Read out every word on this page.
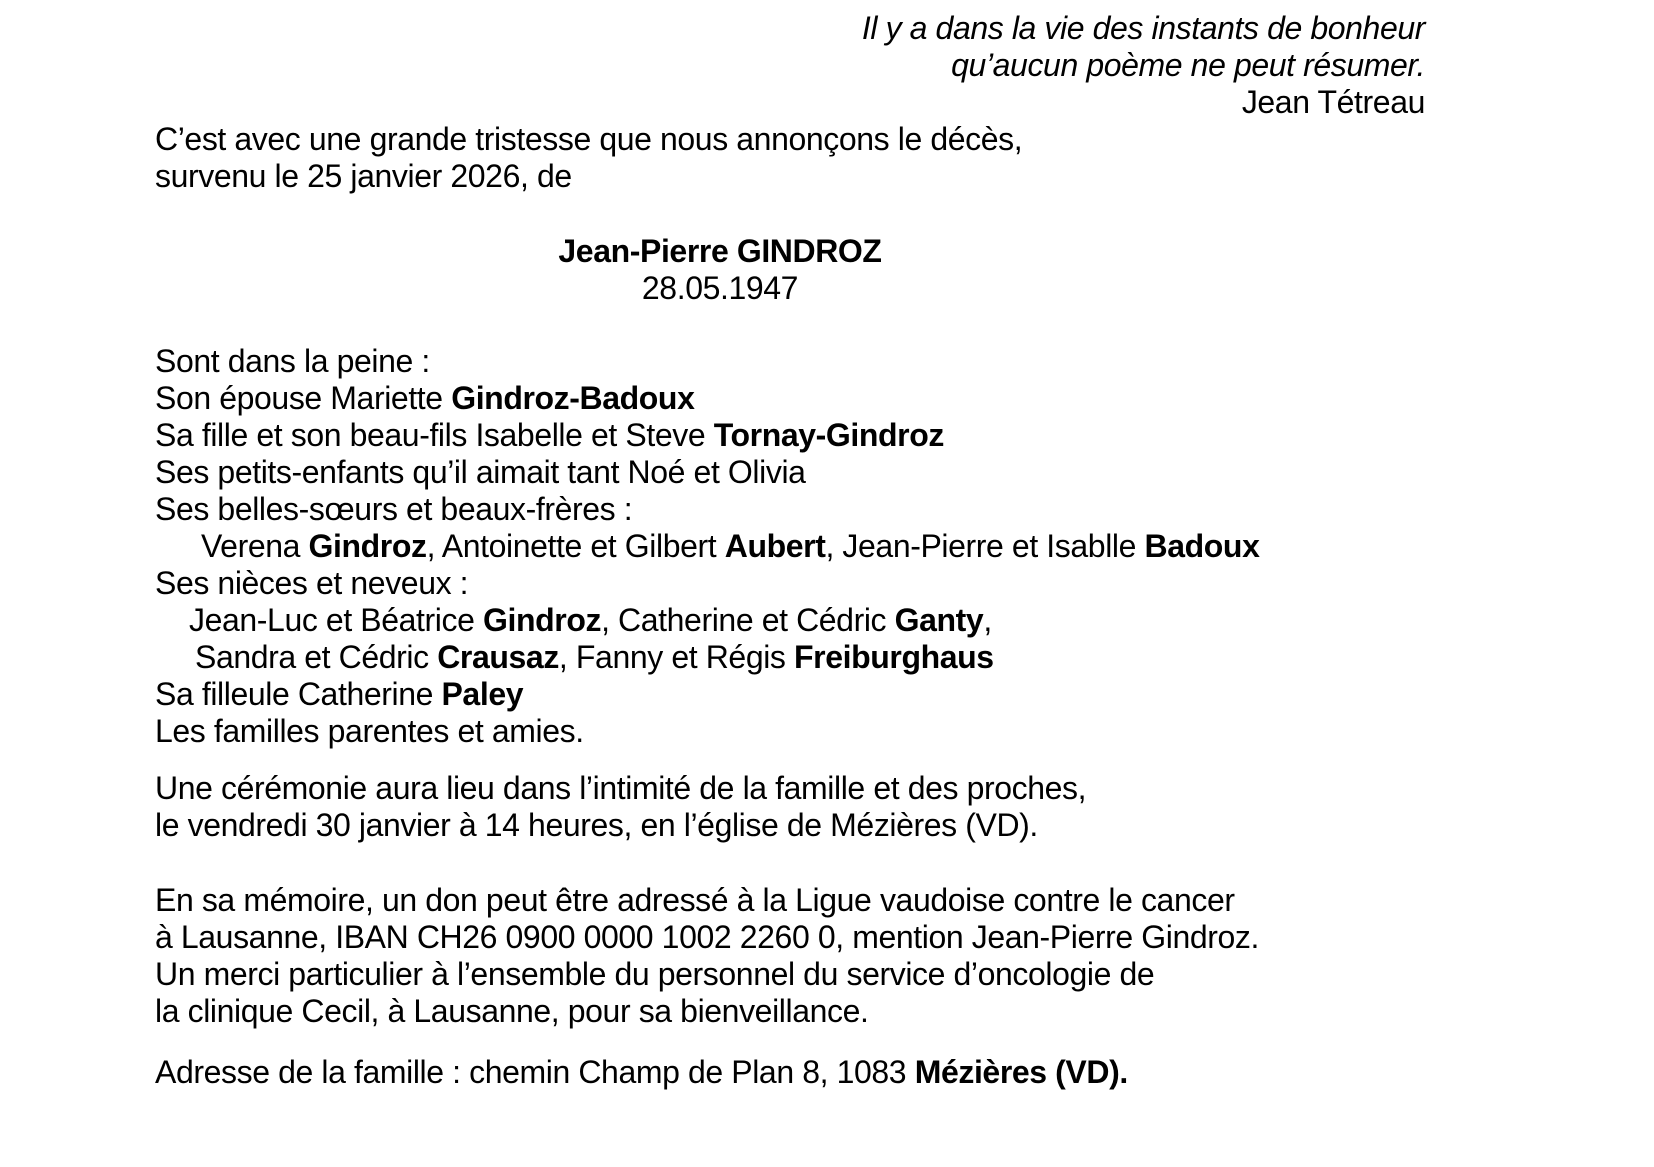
Il y a dans la vie des instants de bonheur
qu’aucun poème ne peut résumer.
Jean Tétreau
C’est avec une grande tristesse que nous annonçons le décès,
survenu le 25 janvier 2026, de
Jean-Pierre GINDROZ
28.05.1947
Sont dans la peine :
Son épouse Mariette Gindroz-Badoux
Sa fille et son beau-fils Isabelle et Steve Tornay-Gindroz
Ses petits-enfants qu’il aimait tant Noé et Olivia
Ses belles-sœurs et beaux-frères :
Verena Gindroz, Antoinette et Gilbert Aubert, Jean-Pierre et Isablle Badoux
Ses nièces et neveux :
Jean-Luc et Béatrice Gindroz, Catherine et Cédric Ganty,
Sandra et Cédric Crausaz, Fanny et Régis Freiburghaus
Sa filleule Catherine Paley
Les familles parentes et amies.
Une cérémonie aura lieu dans l’intimité de la famille et des proches,
le vendredi 30 janvier à 14 heures, en l’église de Mézières (VD).
En sa mémoire, un don peut être adressé à la Ligue vaudoise contre le cancer
à Lausanne, IBAN CH26 0900 0000 1002 2260 0, mention Jean-Pierre Gindroz.
Un merci particulier à l’ensemble du personnel du service d’oncologie de
la clinique Cecil, à Lausanne, pour sa bienveillance.
Adresse de la famille : chemin Champ de Plan 8, 1083 Mézières (VD).
